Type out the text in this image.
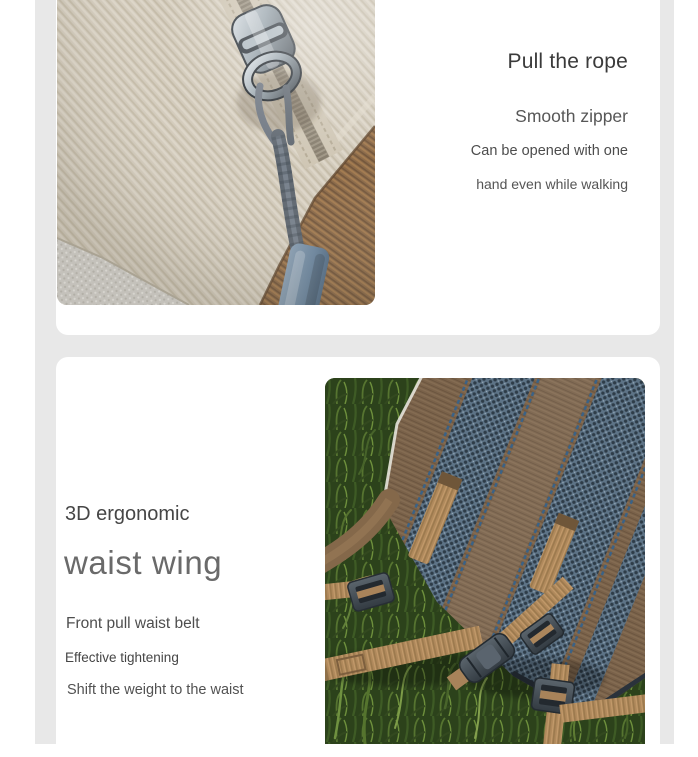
Pull the rope
Smooth zipper

Can be opened with one

hand even while walking

3D ergonomic
waist wing

Front pull waist belt

Effective tightening

Shift the weight to the waist
